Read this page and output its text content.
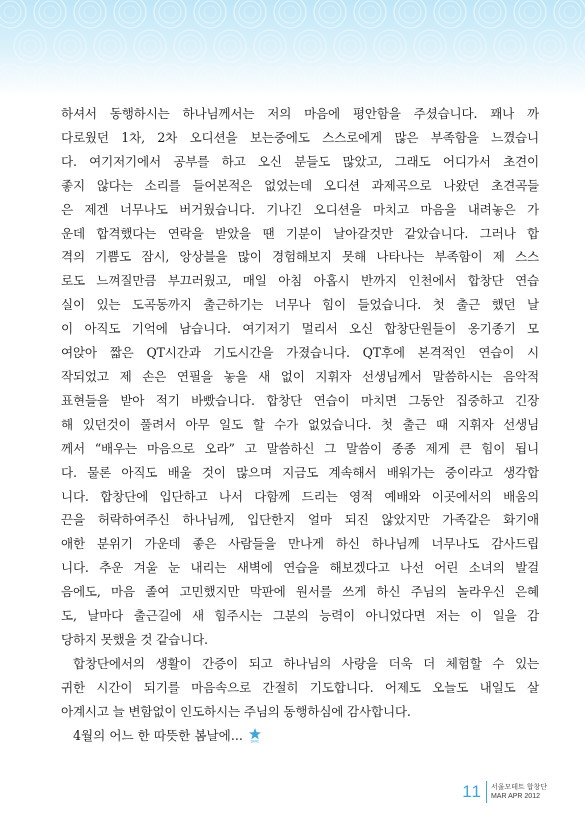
하셔서 동행하시는 하나님께서는 저의 마음에 평안함을 주셨습니다. 꽤나 까

다로웠던 1차, 2차 오디션을 보는중에도 스스로에게 많은 부족함을 느꼈습니

다. 여기저기에서 공부를 하고 오신 분들도 많았고, 그래도 어디가서 초견이

좋지 않다는 소리를 들어본적은 없었는데 오디션 과제곡으로 나왔던 초견곡들

은 제겐 너무나도 버거웠습니다. 기나긴 오디션을 마치고 마음을 내려놓은 가

운데 합격했다는 연락을 받았을 땐 기분이 날아갈것만 같았습니다. 그러나 합

격의 기쁨도 잠시, 앙상블을 많이 경험해보지 못해 나타나는 부족함이 제 스스

로도 느껴질만큼 부끄러웠고, 매일 아침 아홉시 반까지 인천에서 합창단 연습

실이 있는 도곡동까지 출근하기는 너무나 힘이 들었습니다. 첫 출근 했던 날

이 아직도 기억에 남습니다. 여기저기 멀리서 오신 합창단원들이 옹기종기 모

여앉아 짧은 QT시간과 기도시간을 가졌습니다. QT후에 본격적인 연습이 시

작되었고 제 손은 연필을 놓을 새 없이 지휘자 선생님께서 말씀하시는 음악적

표현들을 받아 적기 바빴습니다. 합창단 연습이 마치면 그동안 집중하고 긴장

해 있던것이 풀려서 아무 일도 할 수가 없었습니다. 첫 출근 때 지휘자 선생님

께서 “배우는 마음으로 오라” 고 말씀하신 그 말씀이 종종 제게 큰 힘이 됩니

다. 물론 아직도 배울 것이 많으며 지금도 계속해서 배워가는 중이라고 생각합

니다. 합창단에 입단하고 나서 다함께 드리는 영적 예배와 이곳에서의 배움의

끈을 허락하여주신 하나님께, 입단한지 얼마 되진 않았지만 가족같은 화기애

애한 분위기 가운데 좋은 사람들을 만나게 하신 하나님께 너무나도 감사드립

니다. 추운 겨울 눈 내리는 새벽에 연습을 해보겠다고 나선 어린 소녀의 발걸

음에도, 마음 졸여 고민했지만 막판에 원서를 쓰게 하신 주님의 놀라우신 은혜

도, 날마다 출근길에 새 힘주시는 그분의 능력이 아니었다면 저는 이 일을 감

당하지 못했을 것 같습니다.

합창단에서의 생활이 간증이 되고 하나님의 사랑을 더욱 더 체험할 수 있는

귀한 시간이 되기를 마음속으로 간절히 기도합니다. 어제도 오늘도 내일도 살

아계시고 늘 변함없이 인도하시는 주님의 동행하심에 감사합니다.

4월의 어느 한 따뜻한 봄날에... SMC

11 서울모테트 합창단
MAR APR 2012
